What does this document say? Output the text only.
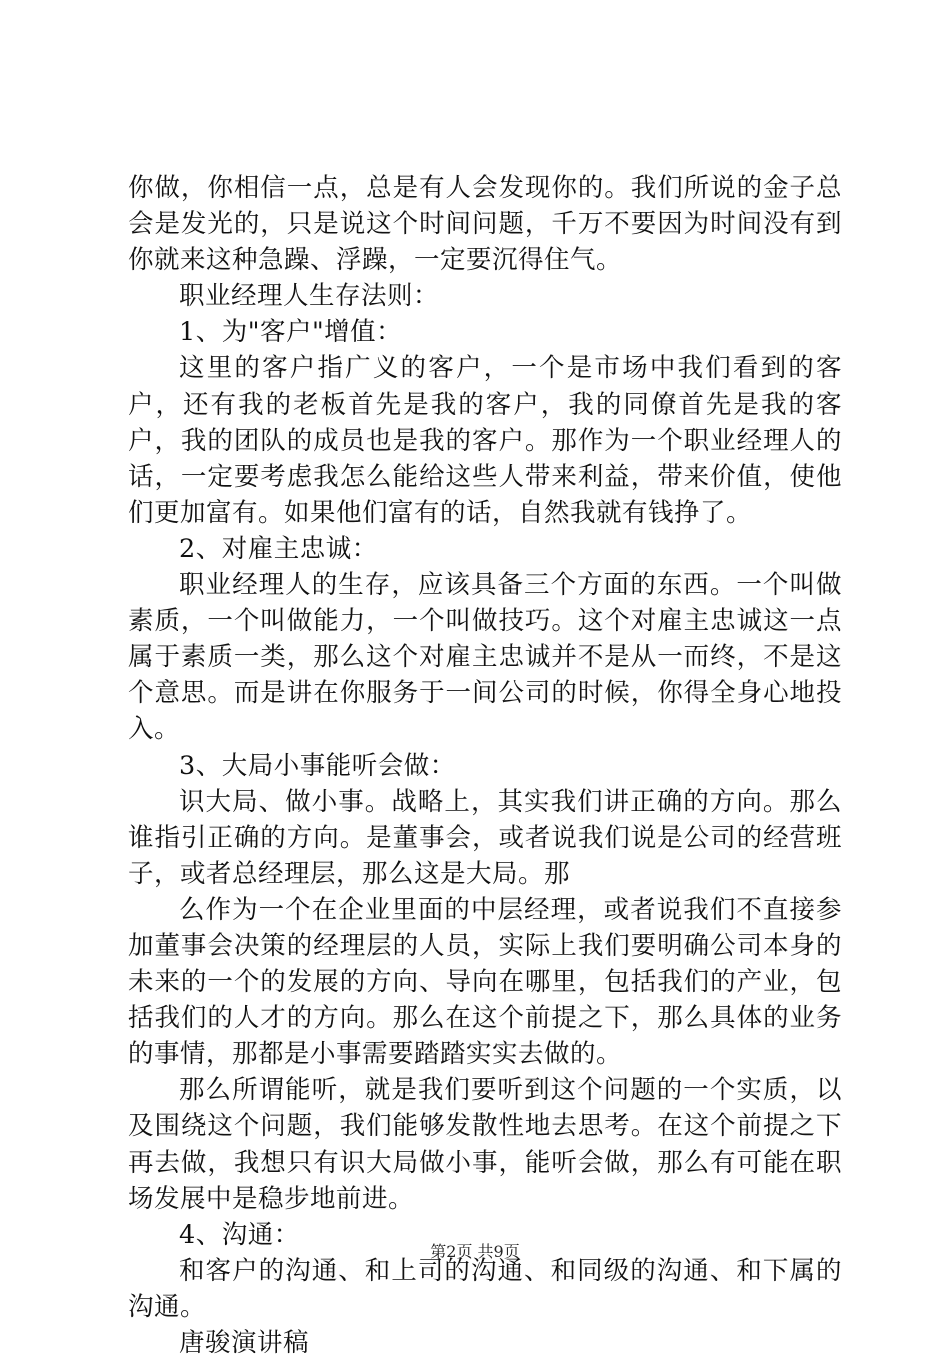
你做，你相信一点，总是有人会发现你的。我们所说的金子总会是发光的，只是说这个时间问题，千万不要因为时间没有到你就来这种急躁、浮躁，一定要沉得住气。

职业经理人生存法则：

1、为"客户"增值：

这里的客户指广义的客户，一个是市场中我们看到的客户，还有我的老板首先是我的客户，我的同僚首先是我的客户，我的团队的成员也是我的客户。那作为一个职业经理人的话，一定要考虑我怎么能给这些人带来利益，带来价值，使他们更加富有。如果他们富有的话，自然我就有钱挣了。

2、对雇主忠诚：

职业经理人的生存，应该具备三个方面的东西。一个叫做素质，一个叫做能力，一个叫做技巧。这个对雇主忠诚这一点属于素质一类，那么这个对雇主忠诚并不是从一而终，不是这个意思。而是讲在你服务于一间公司的时候，你得全身心地投入。

3、大局小事能听会做：

识大局、做小事。战略上，其实我们讲正确的方向。那么谁指引正确的方向。是董事会，或者说我们说是公司的经营班子，或者总经理层，那么这是大局。那

么作为一个在企业里面的中层经理，或者说我们不直接参加董事会决策的经理层的人员，实际上我们要明确公司本身的未来的一个的发展的方向、导向在哪里，包括我们的产业，包括我们的人才的方向。那么在这个前提之下，那么具体的业务的事情，那都是小事需要踏踏实实去做的。

那么所谓能听，就是我们要听到这个问题的一个实质，以及围绕这个问题，我们能够发散性地去思考。在这个前提之下再去做，我想只有识大局做小事，能听会做，那么有可能在职场发展中是稳步地前进。

4、沟通：

和客户的沟通、和上司的沟通、和同级的沟通、和下属的沟通。

唐骏演讲稿

第2页 共9页
